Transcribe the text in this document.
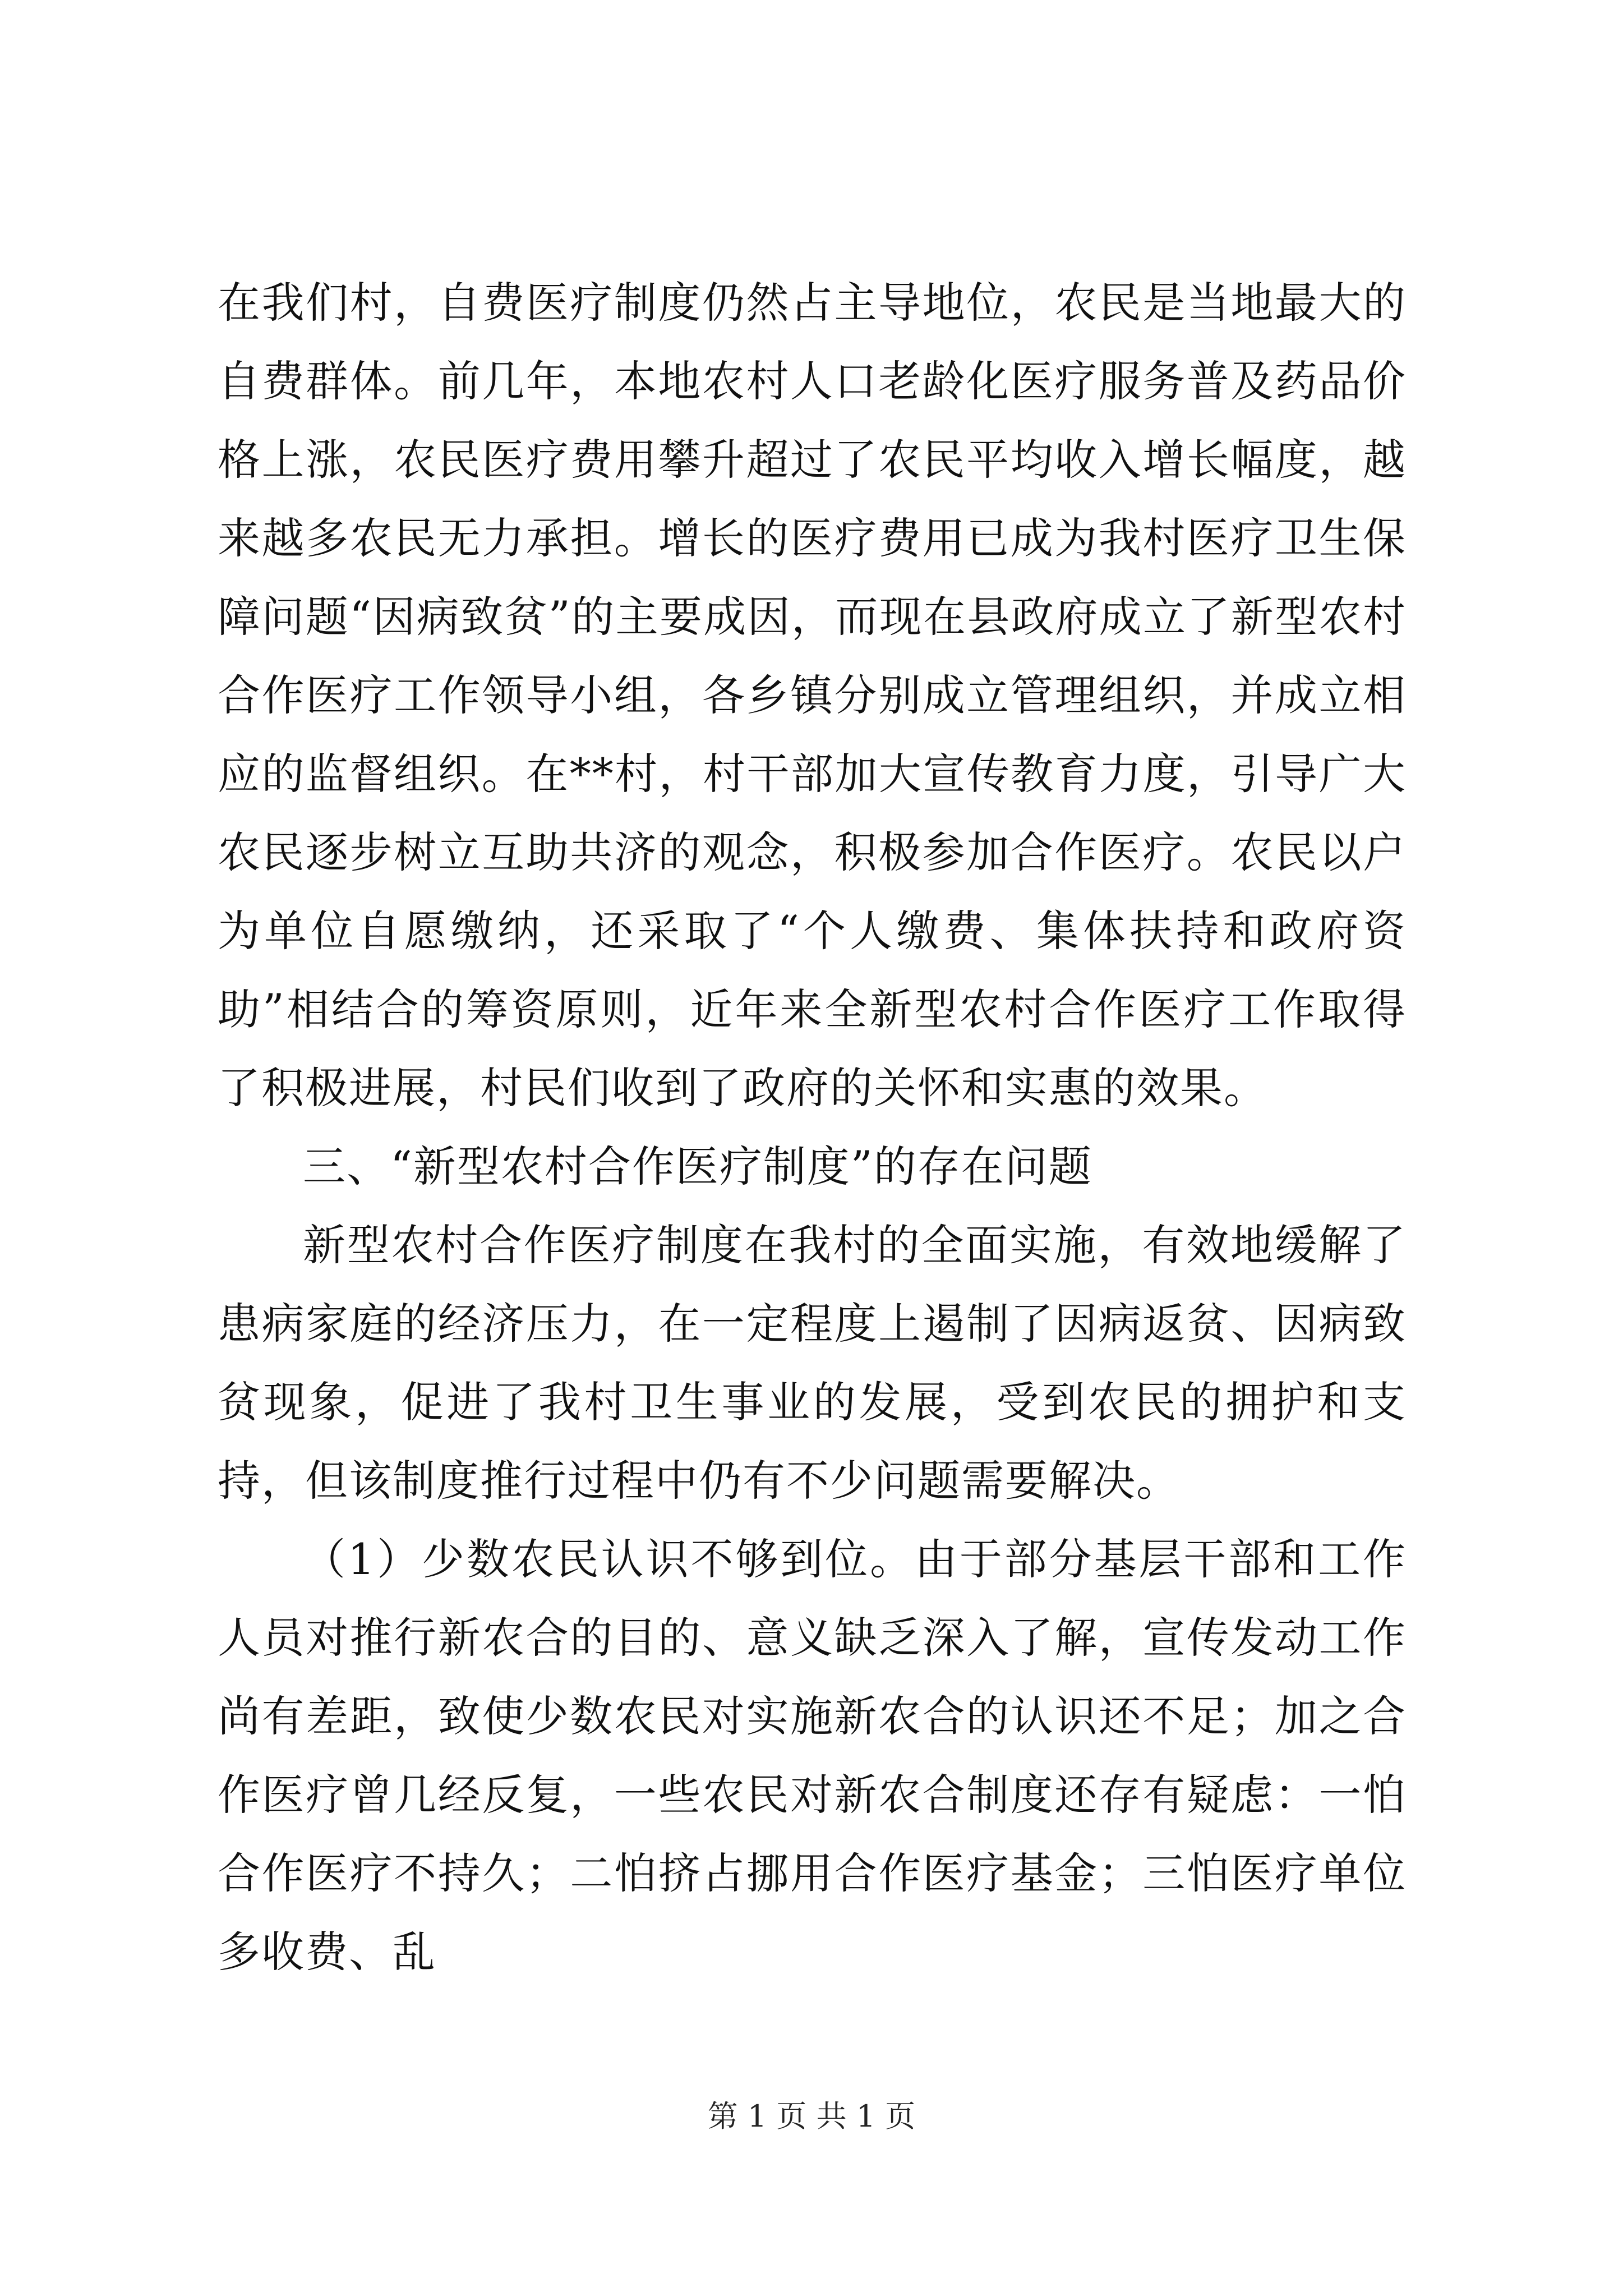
在我们村，自费医疗制度仍然占主导地位，农民是当地最大的自费群体。前几年，本地农村人口老龄化医疗服务普及药品价格上涨，农民医疗费用攀升超过了农民平均收入增长幅度，越来越多农民无力承担。增长的医疗费用已成为我村医疗卫生保障问题“因病致贫”的主要成因，而现在县政府成立了新型农村合作医疗工作领导小组，各乡镇分别成立管理组织，并成立相应的监督组织。在**村，村干部加大宣传教育力度，引导广大农民逐步树立互助共济的观念，积极参加合作医疗。农民以户为单位自愿缴纳，还采取了“个人缴费、集体扶持和政府资助”相结合的筹资原则，近年来全新型农村合作医疗工作取得了积极进展，村民们收到了政府的关怀和实惠的效果。

三、“新型农村合作医疗制度”的存在问题

新型农村合作医疗制度在我村的全面实施，有效地缓解了患病家庭的经济压力，在一定程度上遏制了因病返贫、因病致贫现象，促进了我村卫生事业的发展，受到农民的拥护和支持，但该制度推行过程中仍有不少问题需要解决。

（1）少数农民认识不够到位。由于部分基层干部和工作人员对推行新农合的目的、意义缺乏深入了解，宣传发动工作尚有差距，致使少数农民对实施新农合的认识还不足；加之合作医疗曾几经反复，一些农民对新农合制度还存有疑虑：一怕合作医疗不持久；二怕挤占挪用合作医疗基金；三怕医疗单位多收费、乱

第 1 页 共 1 页
